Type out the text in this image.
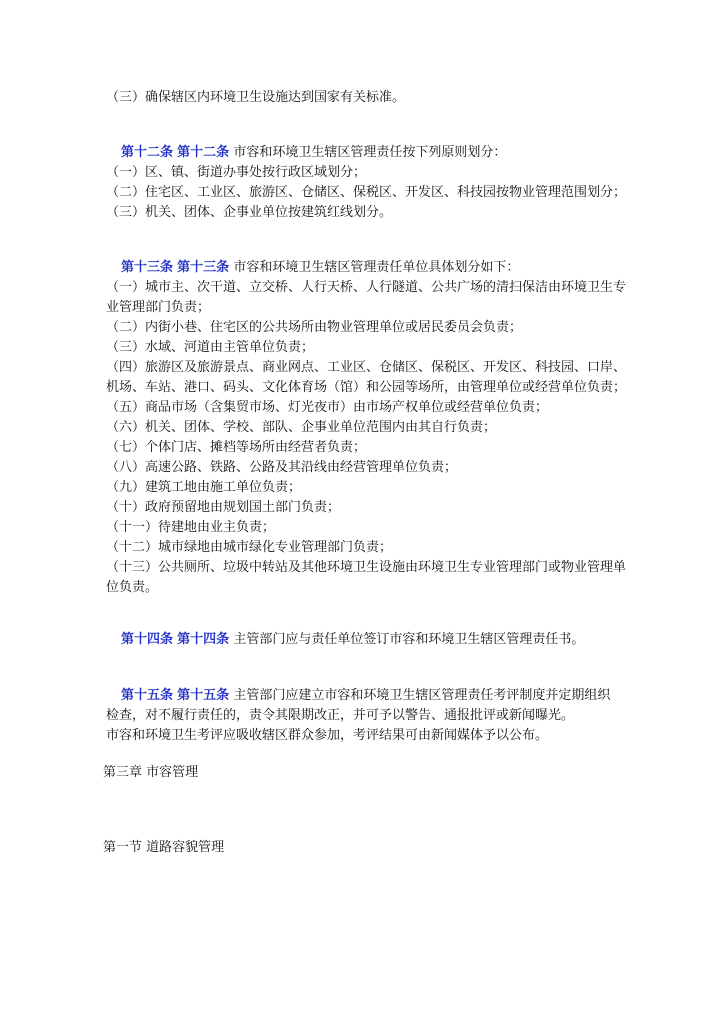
（三）确保辖区内环境卫生设施达到国家有关标准。
第十二条 第十二条 市容和环境卫生辖区管理责任按下列原则划分：
（一）区、镇、街道办事处按行政区域划分；
（二）住宅区、工业区、旅游区、仓储区、保税区、开发区、科技园按物业管理范围划分；
（三）机关、团体、企事业单位按建筑红线划分。
第十三条 第十三条 市容和环境卫生辖区管理责任单位具体划分如下：
（一）城市主、次干道、立交桥、人行天桥、人行隧道、公共广场的清扫保洁由环境卫生专
业管理部门负责；
（二）内街小巷、住宅区的公共场所由物业管理单位或居民委员会负责；
（三）水域、河道由主管单位负责；
（四）旅游区及旅游景点、商业网点、工业区、仓储区、保税区、开发区、科技园、口岸、
机场、车站、港口、码头、文化体育场（馆）和公园等场所，由管理单位或经营单位负责；
（五）商品市场（含集贸市场、灯光夜市）由市场产权单位或经营单位负责；
（六）机关、团体、学校、部队、企事业单位范围内由其自行负责；
（七）个体门店、摊档等场所由经营者负责；
（八）高速公路、铁路、公路及其沿线由经营管理单位负责；
（九）建筑工地由施工单位负责；
（十）政府预留地由规划国土部门负责；
（十一）待建地由业主负责；
（十二）城市绿地由城市绿化专业管理部门负责；
（十三）公共厕所、垃圾中转站及其他环境卫生设施由环境卫生专业管理部门或物业管理单
位负责。
第十四条 第十四条 主管部门应与责任单位签订市容和环境卫生辖区管理责任书。
第十五条 第十五条 主管部门应建立市容和环境卫生辖区管理责任考评制度并定期组织
检查，对不履行责任的，责令其限期改正，并可予以警告、通报批评或新闻曝光。
市容和环境卫生考评应吸收辖区群众参加，考评结果可由新闻媒体予以公布。
第三章 市容管理
第一节 道路容貌管理
